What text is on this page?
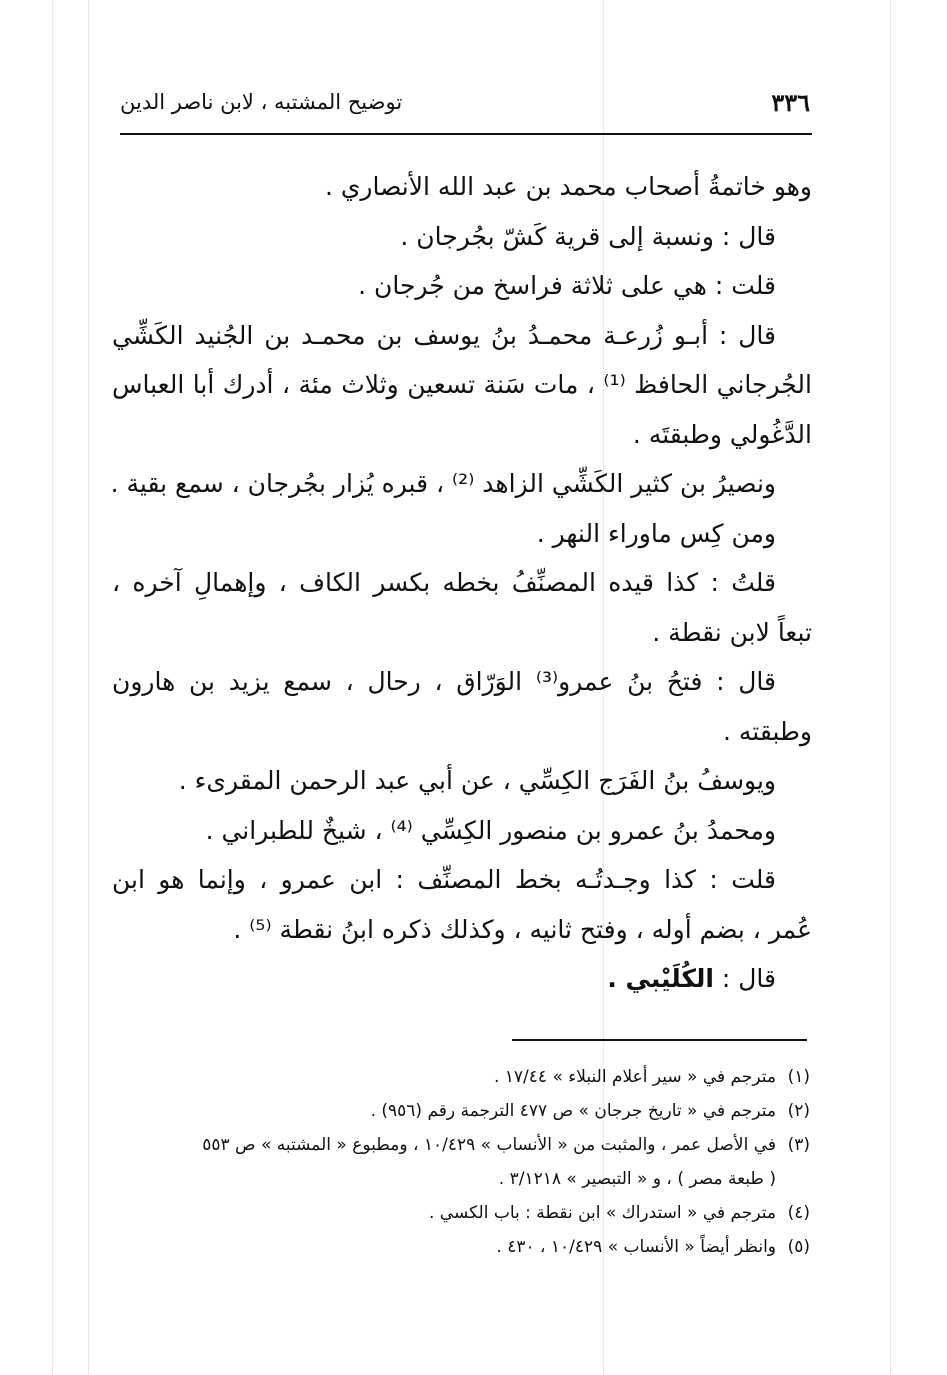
٣٣٦
توضيح المشتبه ، لابن ناصر الدين
وهو خاتمةُ أصحاب محمد بن عبد الله الأنصاري .
قال : ونسبة إلى قرية كَشّ بجُرجان .
قلت : هي على ثلاثة فراسخ من جُرجان .
قال : أبـو زُرعـة محمـدُ بنُ يوسف بن محمـد بن الجُنيد الكَشِّي
الجُرجاني الحافظ ⁽¹⁾ ، مات سَنة تسعين وثلاث مئة ، أدرك أبا العباس
الدَّغُولي وطبقتَه .
ونصيرُ بن كثير الكَشِّي الزاهد ⁽²⁾ ، قبره يُزار بجُرجان ، سمع بقية .
ومن كِس ماوراء النهر .
قلتُ : كذا قيده المصنِّفُ بخطه بكسر الكاف ، وإهمالِ آخره ،
تبعاً لابن نقطة .
قال : فتحُ بنُ عمرو⁽³⁾ الوَرّاق ، رحال ، سمع يزيد بن هارون
وطبقته .
ويوسفُ بنُ الفَرَج الكِسِّي ، عن أبي عبد الرحمن المقرىء .
ومحمدُ بنُ عمرو بن منصور الكِسِّي ⁽⁴⁾ ، شيخٌ للطبراني .
قلت : كذا وجـدتُـه بخط المصنِّف : ابن عمرو ، وإنما هو ابن
عُمر ، بضم أوله ، وفتح ثانيه ، وكذلك ذكره ابنُ نقطة ⁽⁵⁾ .
قال : الكُلَيْبي .
(١)مترجم في « سير أعلام النبلاء » ١٧/٤٤ .
(٢)مترجم في « تاريخ جرجان » ص ٤٧٧ الترجمة رقم (٩٥٦) .
(٣)في الأصل عمر ، والمثبت من « الأنساب » ١٠/٤٢٩ ، ومطبوع « المشتبه » ص ٥٥٣
( طبعة مصر ) ، و « التبصير » ٣/١٢١٨ .
(٤)مترجم في « استدراك » ابن نقطة : باب الكسي .
(٥)وانظر أيضاً « الأنساب » ١٠/٤٢٩ ، ٤٣٠ .
